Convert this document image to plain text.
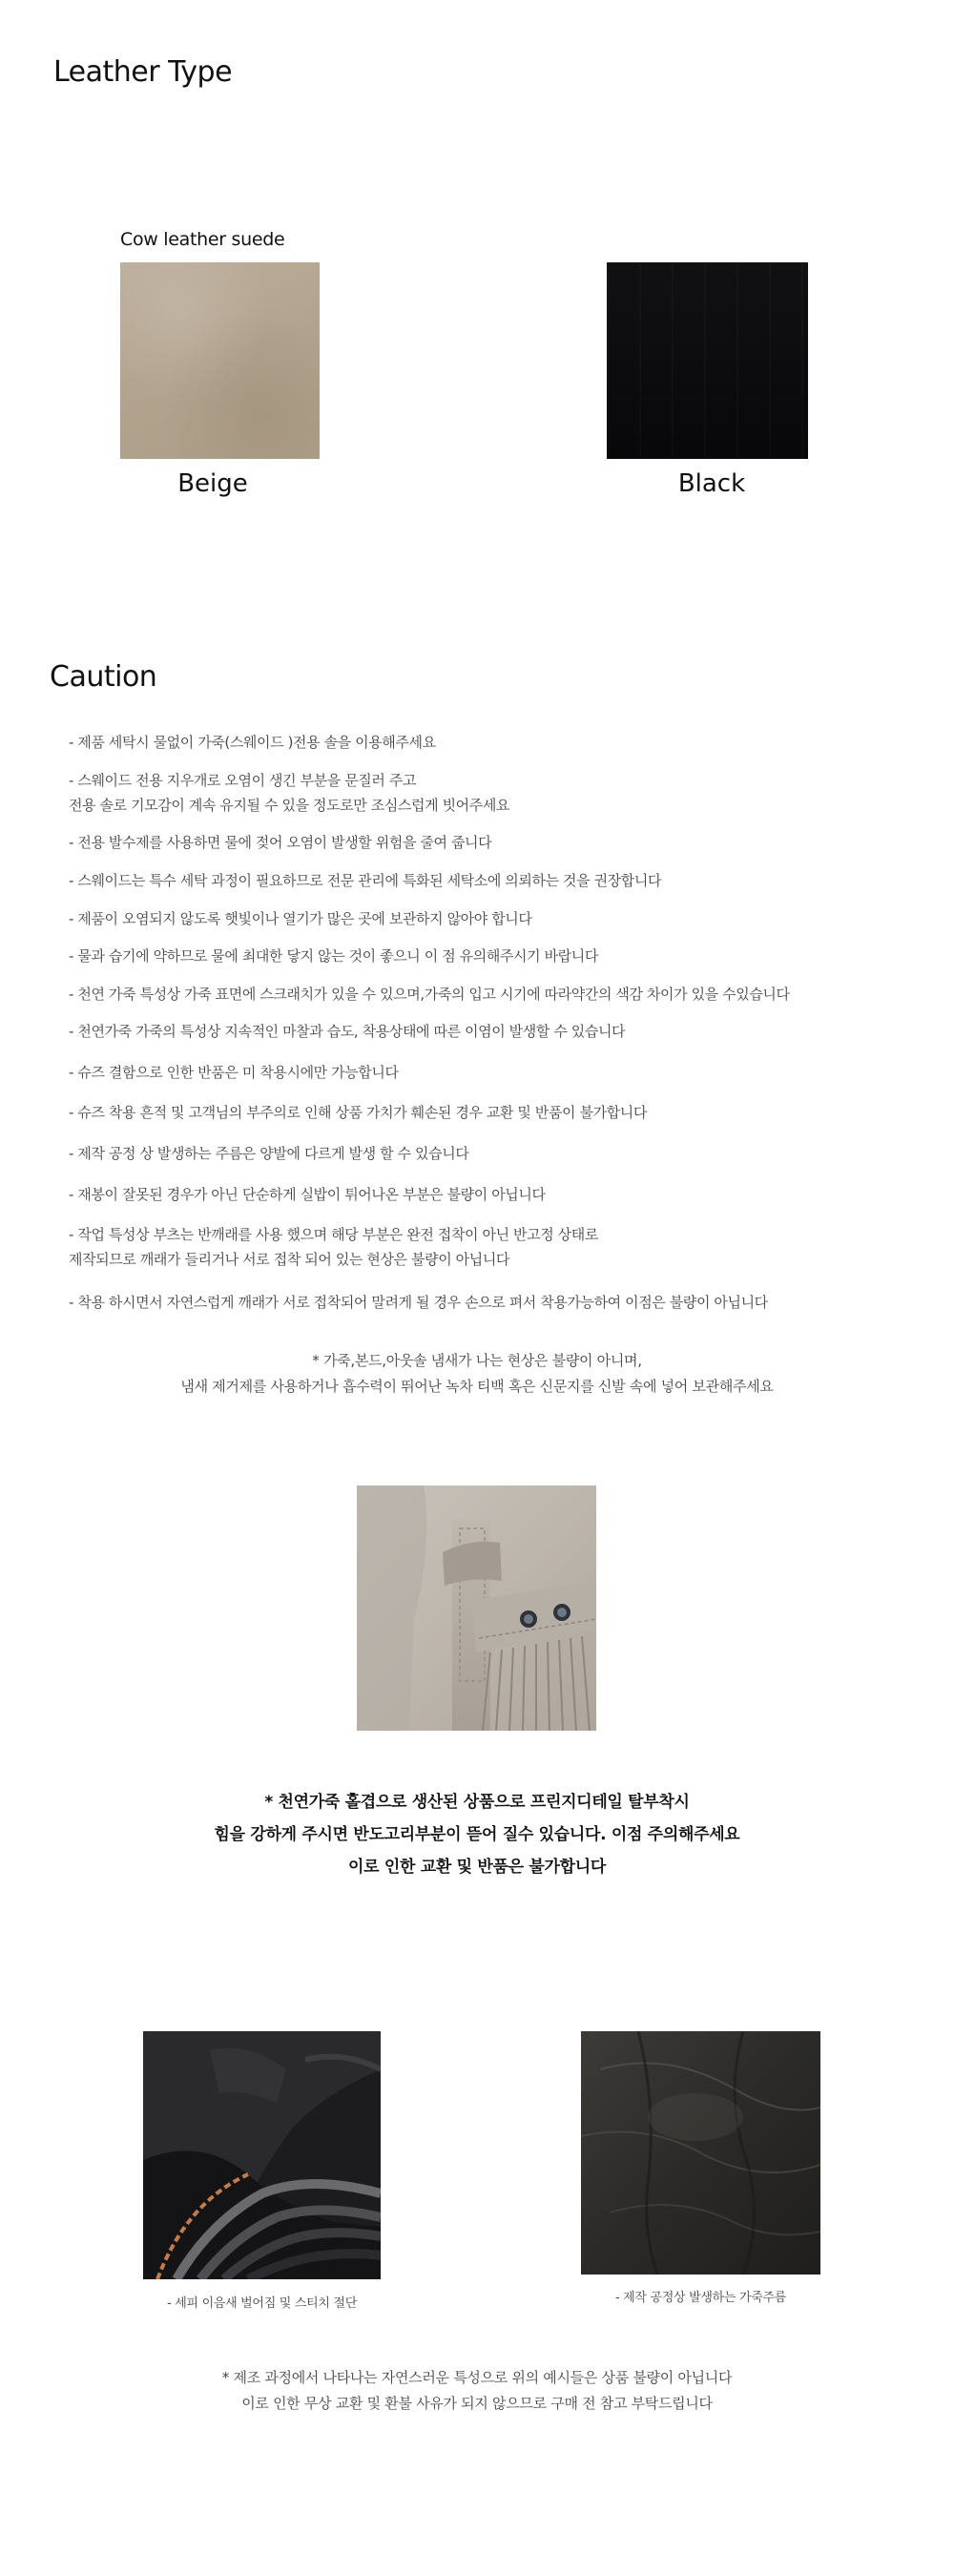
Leather Type
Cow leather suede
Beige	Black
Caution
- 제품 세탁시 물없이 가죽(스웨이드 )전용 솔을 이용해주세요
- 스웨이드 전용 지우개로 오염이 생긴 부분을 문질러 주고
전용 솔로 기모감이 계속 유지될 수 있을 정도로만 조심스럽게 빗어주세요
- 전용 발수제를 사용하면 물에 젖어 오염이 발생할 위험을 줄여 줍니다
- 스웨이드는 특수 세탁 과정이 필요하므로 전문 관리에 특화된 세탁소에 의뢰하는 것을 권장합니다
- 제품이 오염되지 않도록 햇빛이나 열기가 많은 곳에 보관하지 않아야 합니다
- 물과 습기에 약하므로 물에 최대한 닿지 않는 것이 좋으니 이 점 유의해주시기 바랍니다
- 천연 가죽 특성상 가죽 표면에 스크래치가 있을 수 있으며,가죽의 입고 시기에 따라약간의 색감 차이가 있을 수있습니다
- 천연가죽 가죽의 특성상 지속적인 마찰과 습도, 착용상태에 따른 이염이 발생할 수 있습니다
- 슈즈 결함으로 인한 반품은 미 착용시에만 가능합니다
- 슈즈 착용 흔적 및 고객님의 부주의로 인해 상품 가치가 훼손된 경우 교환 및 반품이 불가합니다
- 제작 공정 상 발생하는 주름은 양발에 다르게 발생 할 수 있습니다
- 재봉이 잘못된 경우가 아닌 단순하게 실밥이 튀어나온 부분은 불량이 아닙니다
- 작업 특성상 부츠는 반깨래를 사용 했으며 해당 부분은 완전 접착이 아닌 반고정 상태로
제작되므로 깨래가 들리거나 서로 접착 되어 있는 현상은 불량이 아닙니다
- 착용 하시면서 자연스럽게 깨래가 서로 접착되어 말려게 될 경우 손으로 펴서 착용가능하여 이점은 불량이 아닙니다
* 가죽,본드,아웃솔 냄새가 나는 현상은 불량이 아니며,
냄새 제거제를 사용하거나 흡수력이 뛰어난 녹차 티백 혹은 신문지를 신발 속에 넣어 보관해주세요
* 천연가죽 홀겹으로 생산된 상품으로 프린지디테일 탈부착시
힘을 강하게 주시면 반도고리부분이 뜯어 질수 있습니다. 이점 주의해주세요
이로 인한 교환 및 반품은 불가합니다
- 세피 이음새 벌어짐 및 스티치 절단	- 제작 공정상 발생하는 가죽주름
* 제조 과정에서 나타나는 자연스러운 특성으로 위의 예시들은 상품 불량이 아닙니다
이로 인한 무상 교환 및 환불 사유가 되지 않으므로 구매 전 참고 부탁드립니다
